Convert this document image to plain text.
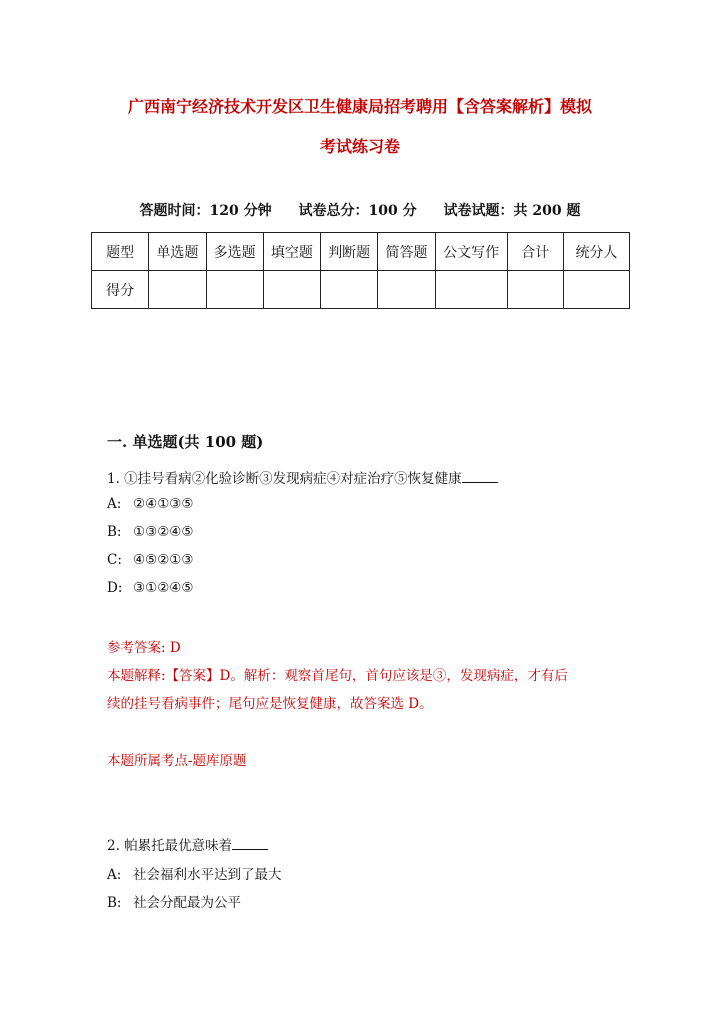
广西南宁经济技术开发区卫生健康局招考聘用【含答案解析】模拟
考试练习卷
答题时间：120 分钟 试卷总分：100 分 试卷试题：共 200 题
题型	单选题	多选题	填空题	判断题	简答题	公文写作	合计	统分人
得分								
一. 单选题(共 100 题)
1. ①挂号看病②化验诊断③发现病症④对症治疗⑤恢复健康
A: ②④①③⑤
B: ①③②④⑤
C: ④⑤②①③
D: ③①②④⑤
参考答案: D
本题解释:【答案】D。解析：观察首尾句，首句应该是③，发现病症，才有后
续的挂号看病事件；尾句应是恢复健康，故答案选 D。
本题所属考点-题库原题
2. 帕累托最优意味着
A: 社会福利水平达到了最大
B: 社会分配最为公平
